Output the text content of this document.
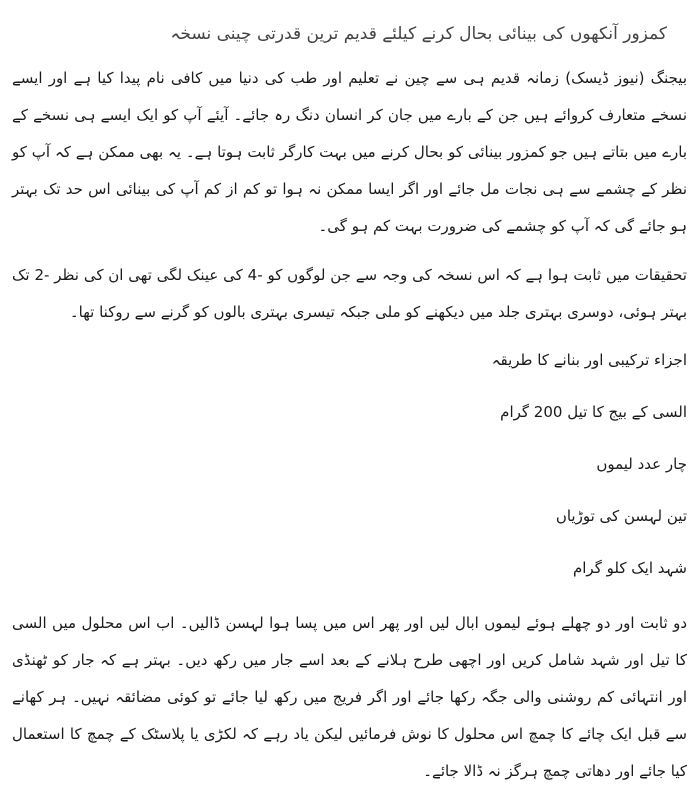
کمزور آنکھوں کی بینائی بحال کرنے کیلئے قدیم ترین قدرتی چینی نسخہ

بیجنگ (نیوز ڈیسک) زمانہ قدیم ہی سے چین نے تعلیم اور طب کی دنیا میں کافی نام پیدا کیا ہے اور ایسے نسخے متعارف کروائے ہیں جن کے بارے میں جان کر انسان دنگ رہ جائے۔ آیئے آپ کو ایک ایسے ہی نسخے کے بارے میں بتاتے ہیں جو کمزور بینائی کو بحال کرنے میں بہت کارگر ثابت ہوتا ہے۔ یہ بھی ممکن ہے کہ آپ کو نظر کے چشمے سے ہی نجات مل جائے اور اگر ایسا ممکن نہ ہوا تو کم از کم آپ کی بینائی اس حد تک بہتر ہو جائے گی کہ آپ کو چشمے کی ضرورت بہت کم ہو گی۔

تحقیقات میں ثابت ہوا ہے کہ اس نسخہ کی وجہ سے جن لوگوں کو -4 کی عینک لگی تھی ان کی نظر -2 تک بہتر ہوئی، دوسری بہتری جلد میں دیکھنے کو ملی جبکہ تیسری بہتری بالوں کو گرنے سے روکنا تھا۔

اجزاء ترکیبی اور بنانے کا طریقہ
السی کے بیج کا تیل 200 گرام
چار عدد لیموں
تین لہسن کی توڑیاں
شہد ایک کلو گرام

دو ثابت اور دو چھلے ہوئے لیموں ابال لیں اور پھر اس میں پسا ہوا لہسن ڈالیں۔ اب اس محلول میں السی کا تیل اور شہد شامل کریں اور اچھی طرح ہلانے کے بعد اسے جار میں رکھ دیں۔ بہتر ہے کہ جار کو ٹھنڈی اور انتہائی کم روشنی والی جگہ رکھا جائے اور اگر فریج میں رکھ لیا جائے تو کوئی مضائقہ نہیں۔ ہر کھانے سے قبل ایک چائے کا چمچ اس محلول کا نوش فرمائیں لیکن یاد رہے کہ لکڑی یا پلاسٹک کے چمچ کا استعمال کیا جائے اور دھاتی چمچ ہرگز نہ ڈالا جائے۔
